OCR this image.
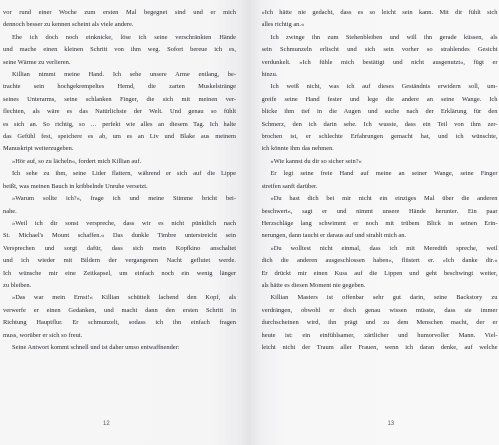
vor rund einer Woche zum ersten Mal begegnet sind und er mich
dennoch besser zu kennen scheint als viele andere.
Ehe ich doch noch einknicke, löse ich seine verschränkten Hände
und mache einen kleinen Schritt von ihm weg. Sofort bereue ich es,
seine Wärme zu verlieren.
Killian nimmt meine Hand. Ich sehe unsere Arme entlang, be-
trachte sein hochgekrempeltes Hemd, die zarten Muskelstränge
seines Unterarms, seine schlanken Finger, die sich mit meinen ver-
flechten, als wäre es das Natürlichste der Welt. Und genau so fühlt
es sich an. So richtig, so … perfekt wie alles an diesem Tag. Ich halte
das Gefühl fest, speichere es ab, um es an Liv und Blake aus meinem
Manuskript weiterzugeben.
»Hör auf, so zu lächeln«, fordert mich Killian auf.
Ich sehe zu ihm, seine Lider flattern, während er sich auf die Lippe
beißt, was meinen Bauch in kribbelnde Unruhe versetzt.
»Warum sollte ich?«, frage ich und meine Stimme bricht bei-
nahe.
»Weil ich dir sonst verspreche, dass wir es nicht pünktlich nach
St. Michael's Mount schaffen.« Das dunkle Timbre unterstreicht sein
Versprechen und sorgt dafür, dass sich mein Kopfkino anschaltet
und ich wieder mit Bildern der vergangenen Nacht geflutet werde.
Ich wünsche mir eine Zeitkapsel, um einfach noch ein wenig länger
zu bleiben.
»Das war mein Ernst!« Killian schüttelt lachend den Kopf, als
verwerfe er einen Gedanken, und macht dann den ersten Schritt in
Richtung Hauptflur. Er schmunzelt, sodass ich ihn einfach fragen
muss, worüber er sich so freut.
Seine Antwort kommt schnell und ist daher umso entwaffnender:
12
»Ich hätte nie gedacht, dass es so leicht sein kann. Mit dir fühlt sich
alles richtig an.«
Ich zwinge ihn zum Stehenbleiben und will ihn gerade küssen, als
sein Schmunzeln erlischt und sich sein vorher so strahlendes Gesicht
verdunkelt. »Ich fühle mich bestätigt und nicht ausgenutzt«, fügt er
hinzu.
Ich weiß nicht, was ich auf dieses Geständnis erwidern soll, um-
greife seine Hand fester und lege die andere an seine Wange. Ich
blicke ihm tief in die Augen und suche nach der Erklärung für den
Schmerz, den ich darin sehe. Ich wusste, dass ein Teil von ihm zer-
brochen ist, er schlechte Erfahrungen gemacht hat, und ich wünschte,
ich könnte ihm das nehmen.
»Wie kannst du dir so sicher sein?«
Er legt seine freie Hand auf meine an seiner Wange, seine Finger
streifen sanft darüber.
»Du hast dich bei mir nicht ein einziges Mal über die anderen
beschwert«, sagt er und nimmt unsere Hände herunter. Ein paar
Herzschläge lang schwimmt er noch mit trübem Blick in seinen Erin-
nerungen, dann taucht er daraus auf und strahlt mich an.
»Du wolltest nicht einmal, dass ich mit Meredith spreche, weil
dich die anderen ausgeschlossen haben«, flüstert er. »Ich danke dir.«
Er drückt mir einen Kuss auf die Lippen und geht beschwingt weiter,
als hätte es diesen Moment nie gegeben.
Killian Masters ist offenbar sehr gut darin, seine Backstory zu
verdrängen, obwohl er doch genau wissen müsste, dass sie immer
durchscheinen wird, ihn prägt und zu dem Menschen macht, der er
heute ist: ein einfühlsamer, zärtlicher und humorvoller Mann. Viel-
leicht nicht der Traum aller Frauen, wenn ich daran denke, auf welche
13
